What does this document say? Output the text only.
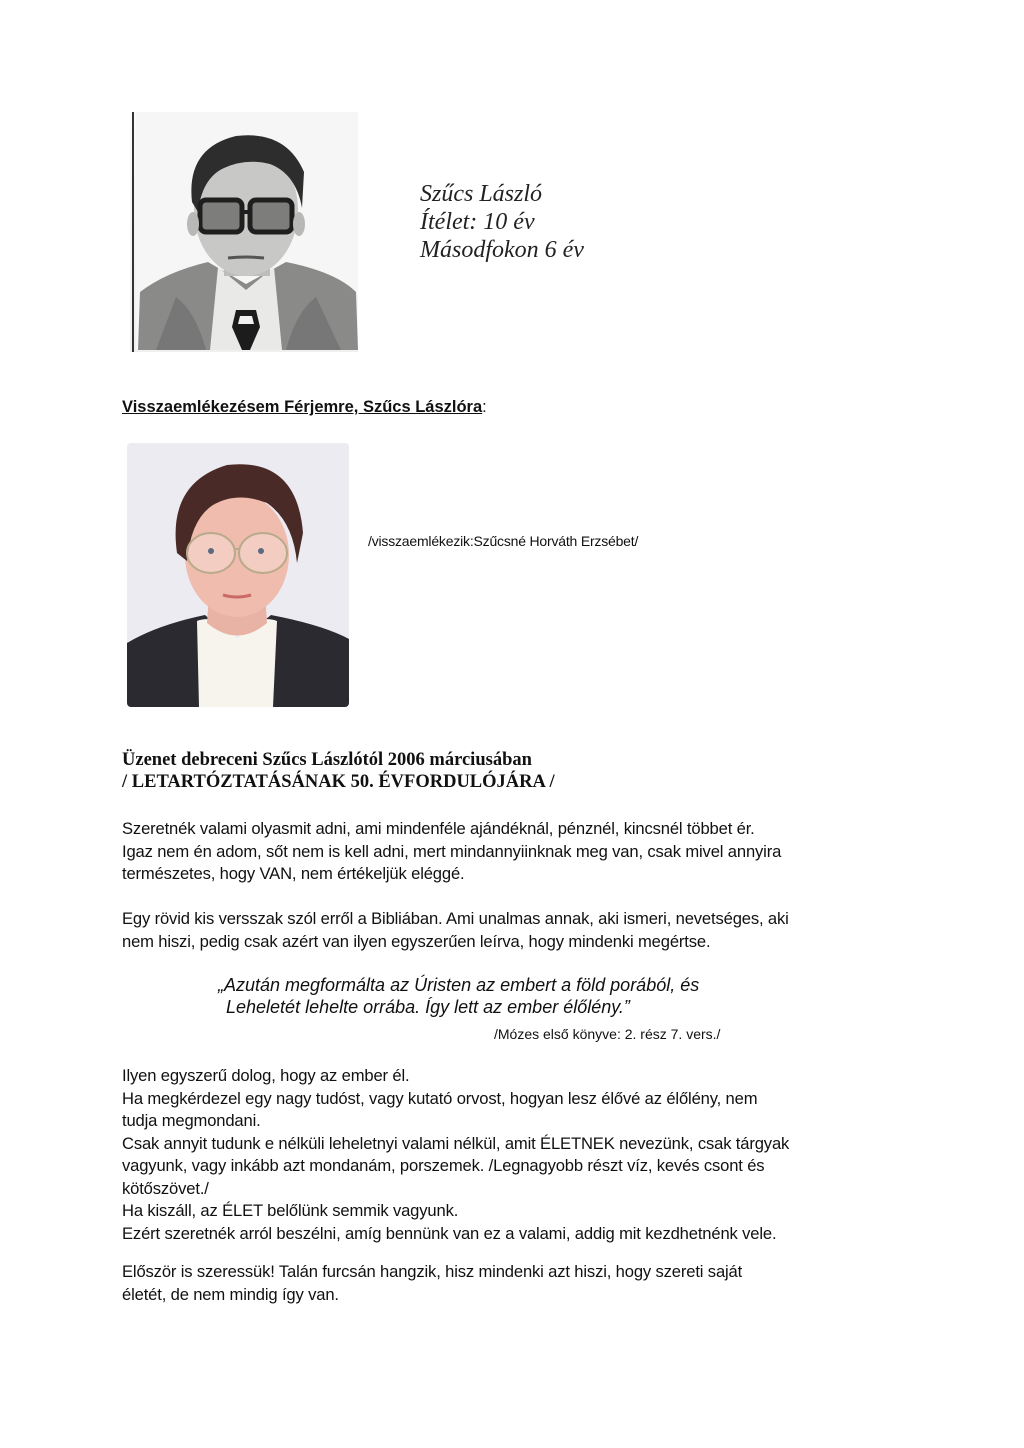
Szűcs László
Ítélet: 10 év
Másodfokon 6 év
Visszaemlékezésem Férjemre, Szűcs Lászlóra:
/visszaemlékezik:Szűcsné Horváth Erzsébet/
Üzenet debreceni Szűcs Lászlótól 2006 márciusában
/ LETARTÓZTATÁSÁNAK 50. ÉVFORDULÓJÁRA /
Szeretnék valami olyasmit adni, ami mindenféle ajándéknál, pénznél, kincsnél többet ér.
Igaz nem én adom, sőt nem is kell adni, mert mindannyiinknak meg van, csak mivel annyira
természetes, hogy VAN, nem értékeljük eléggé.
Egy rövid kis versszak szól erről a Bibliában. Ami unalmas annak, aki ismeri, nevetséges, aki
nem hiszi, pedig csak azért van ilyen egyszerűen leírva, hogy mindenki megértse.
„Azután megformálta az Úristen az embert a föld porából, és
Leheletét lehelte orrába. Így lett az ember élőlény.”
/Mózes első könyve: 2. rész 7. vers./
Ilyen egyszerű dolog, hogy az ember él.
Ha megkérdezel egy nagy tudóst, vagy kutató orvost, hogyan lesz élővé az élőlény, nem
tudja megmondani.
Csak annyit tudunk e nélküli leheletnyi valami nélkül, amit ÉLETNEK nevezünk, csak tárgyak
vagyunk, vagy inkább azt mondanám, porszemek. /Legnagyobb részt víz, kevés csont és
kötőszövet./
Ha kiszáll, az ÉLET belőlünk semmik vagyunk.
Ezért szeretnék arról beszélni, amíg bennünk van ez a valami, addig mit kezdhetnénk vele.
Először is szeressük! Talán furcsán hangzik, hisz mindenki azt hiszi, hogy szereti saját
életét, de nem mindig így van.
